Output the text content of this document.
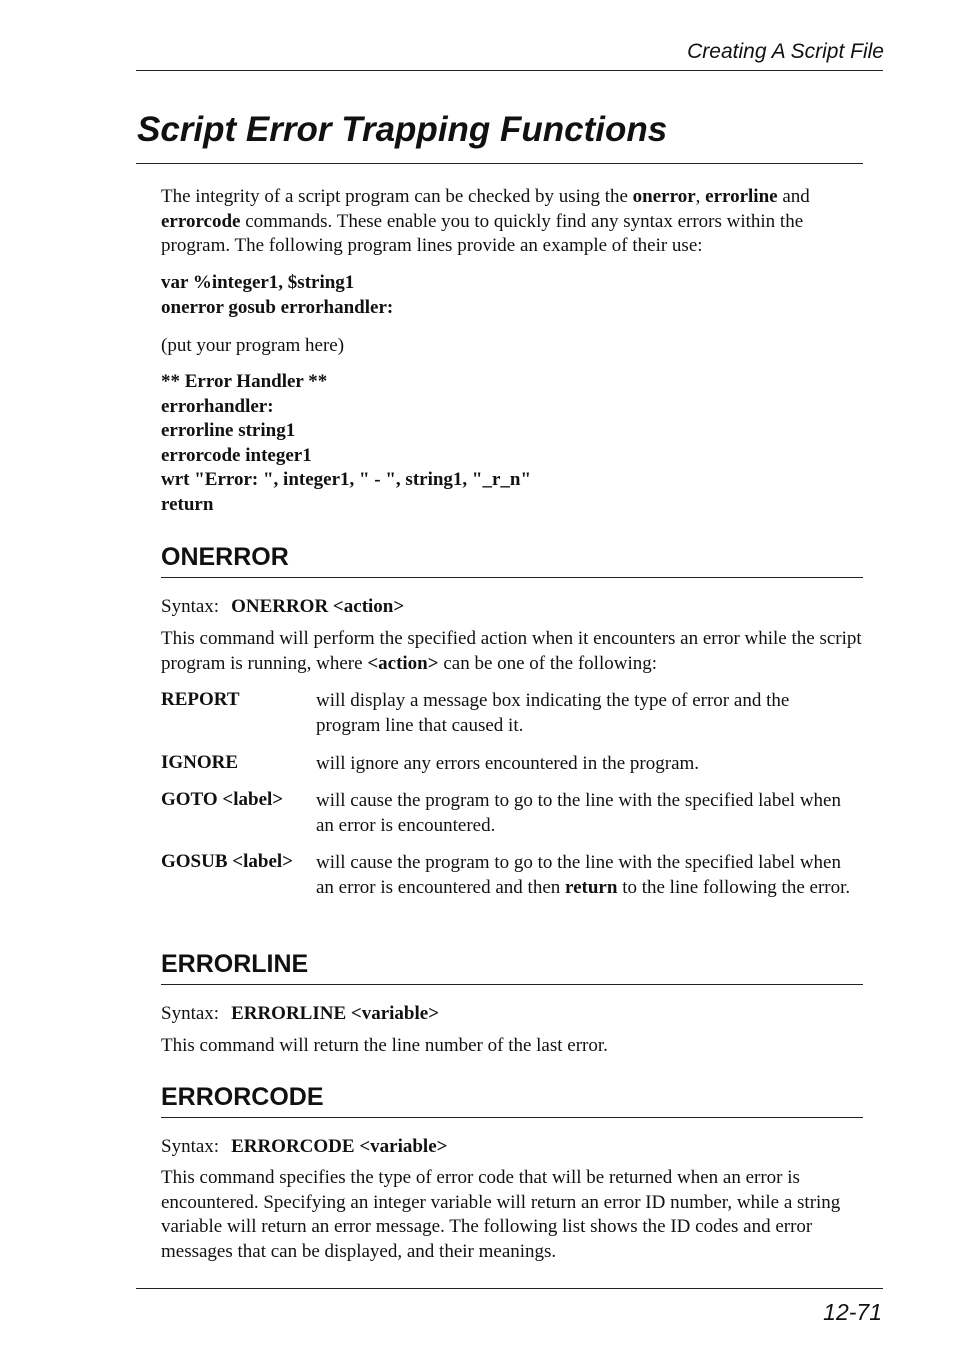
Creating A Script File
Script Error Trapping Functions
The integrity of a script program can be checked by using the onerror, errorline and
errorcode commands. These enable you to quickly find any syntax errors within the program. The following program lines provide an example of their use:
var %integer1, $string1
onerror gosub errorhandler:
(put your program here)
** Error Handler **
errorhandler:
errorline string1
errorcode integer1
wrt "Error: ", integer1, " - ", string1, "_r_n"
return
ONERROR
Syntax: ONERROR <action>
This command will perform the specified action when it encounters an error while the script program is running, where <action> can be one of the following:
REPORT	will display a message box indicating the type of error and the program line that caused it.
IGNORE	will ignore any errors encountered in the program.
GOTO <label> will cause the program to go to the line with the specified label when an error is encountered.
GOSUB <label> will cause the program to go to the line with the specified label when an error is encountered and then return to the line following the error.
ERRORLINE
Syntax: ERRORLINE <variable>
This command will return the line number of the last error.
ERRORCODE
Syntax: ERRORCODE <variable>
This command specifies the type of error code that will be returned when an error is encountered. Specifying an integer variable will return an error ID number, while a string variable will return an error message. The following list shows the ID codes and error messages that can be displayed, and their meanings.
12-71
